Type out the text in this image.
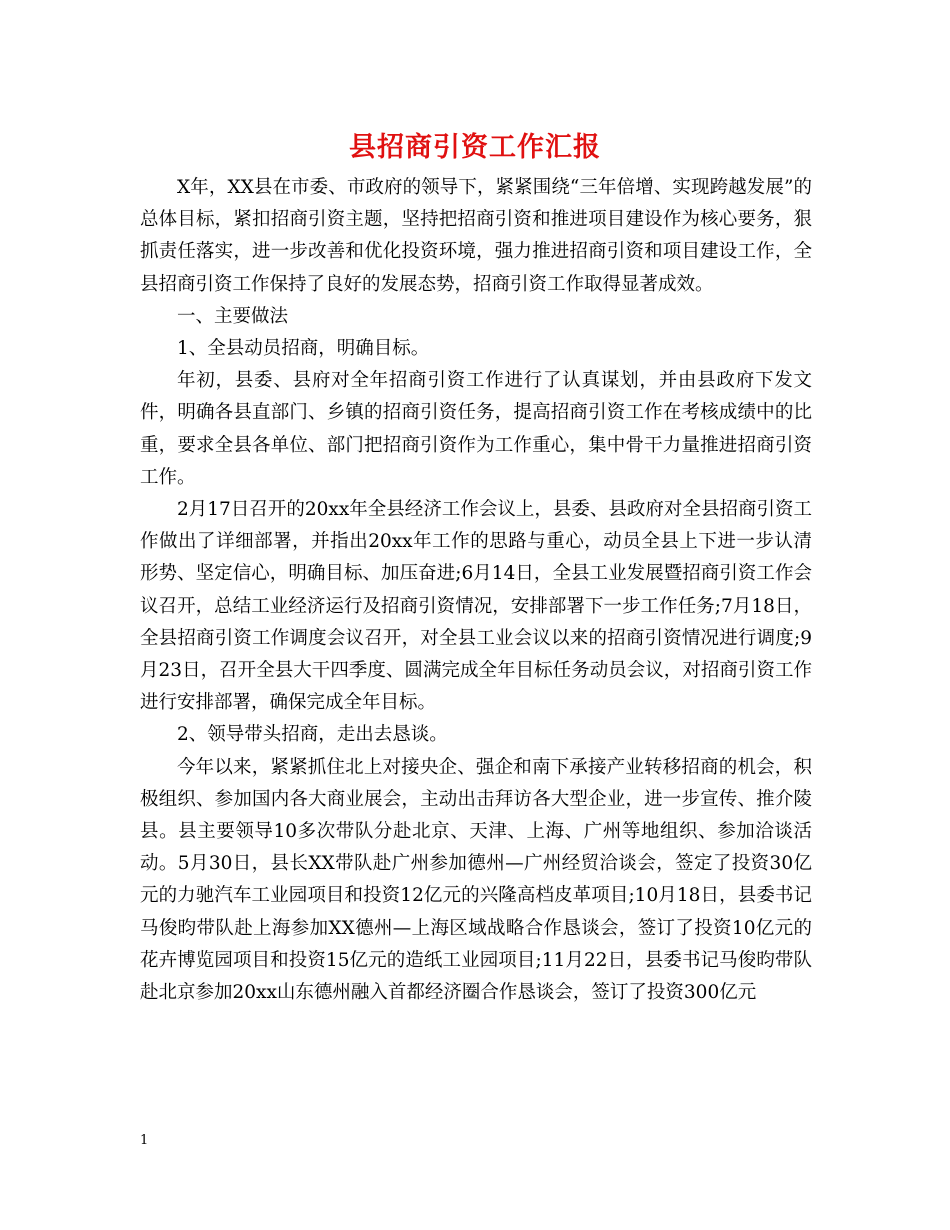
县招商引资工作汇报

X年，XX县在市委、市政府的领导下，紧紧围绕“三年倍增、实现跨越发展”的总体目标，紧扣招商引资主题，坚持把招商引资和推进项目建设作为核心要务，狠抓责任落实，进一步改善和优化投资环境，强力推进招商引资和项目建设工作，全县招商引资工作保持了良好的发展态势，招商引资工作取得显著成效。

一、主要做法

1、全县动员招商，明确目标。

年初，县委、县府对全年招商引资工作进行了认真谋划，并由县政府下发文件，明确各县直部门、乡镇的招商引资任务，提高招商引资工作在考核成绩中的比重，要求全县各单位、部门把招商引资作为工作重心，集中骨干力量推进招商引资工作。

2月17日召开的20xx年全县经济工作会议上，县委、县政府对全县招商引资工作做出了详细部署，并指出20xx年工作的思路与重心，动员全县上下进一步认清形势、坚定信心，明确目标、加压奋进;6月14日，全县工业发展暨招商引资工作会议召开，总结工业经济运行及招商引资情况，安排部署下一步工作任务;7月18日，全县招商引资工作调度会议召开，对全县工业会议以来的招商引资情况进行调度;9月23日，召开全县大干四季度、圆满完成全年目标任务动员会议，对招商引资工作进行安排部署，确保完成全年目标。

2、领导带头招商，走出去恳谈。

今年以来，紧紧抓住北上对接央企、强企和南下承接产业转移招商的机会，积极组织、参加国内各大商业展会，主动出击拜访各大型企业，进一步宣传、推介陵县。县主要领导10多次带队分赴北京、天津、上海、广州等地组织、参加洽谈活动。5月30日，县长XX带队赴广州参加德州—广州经贸洽谈会，签定了投资30亿元的力驰汽车工业园项目和投资12亿元的兴隆高档皮革项目;10月18日，县委书记马俊昀带队赴上海参加XX德州—上海区域战略合作恳谈会，签订了投资10亿元的花卉博览园项目和投资15亿元的造纸工业园项目;11月22日，县委书记马俊昀带队赴北京参加20xx山东德州融入首都经济圈合作恳谈会，签订了投资300亿元

1
